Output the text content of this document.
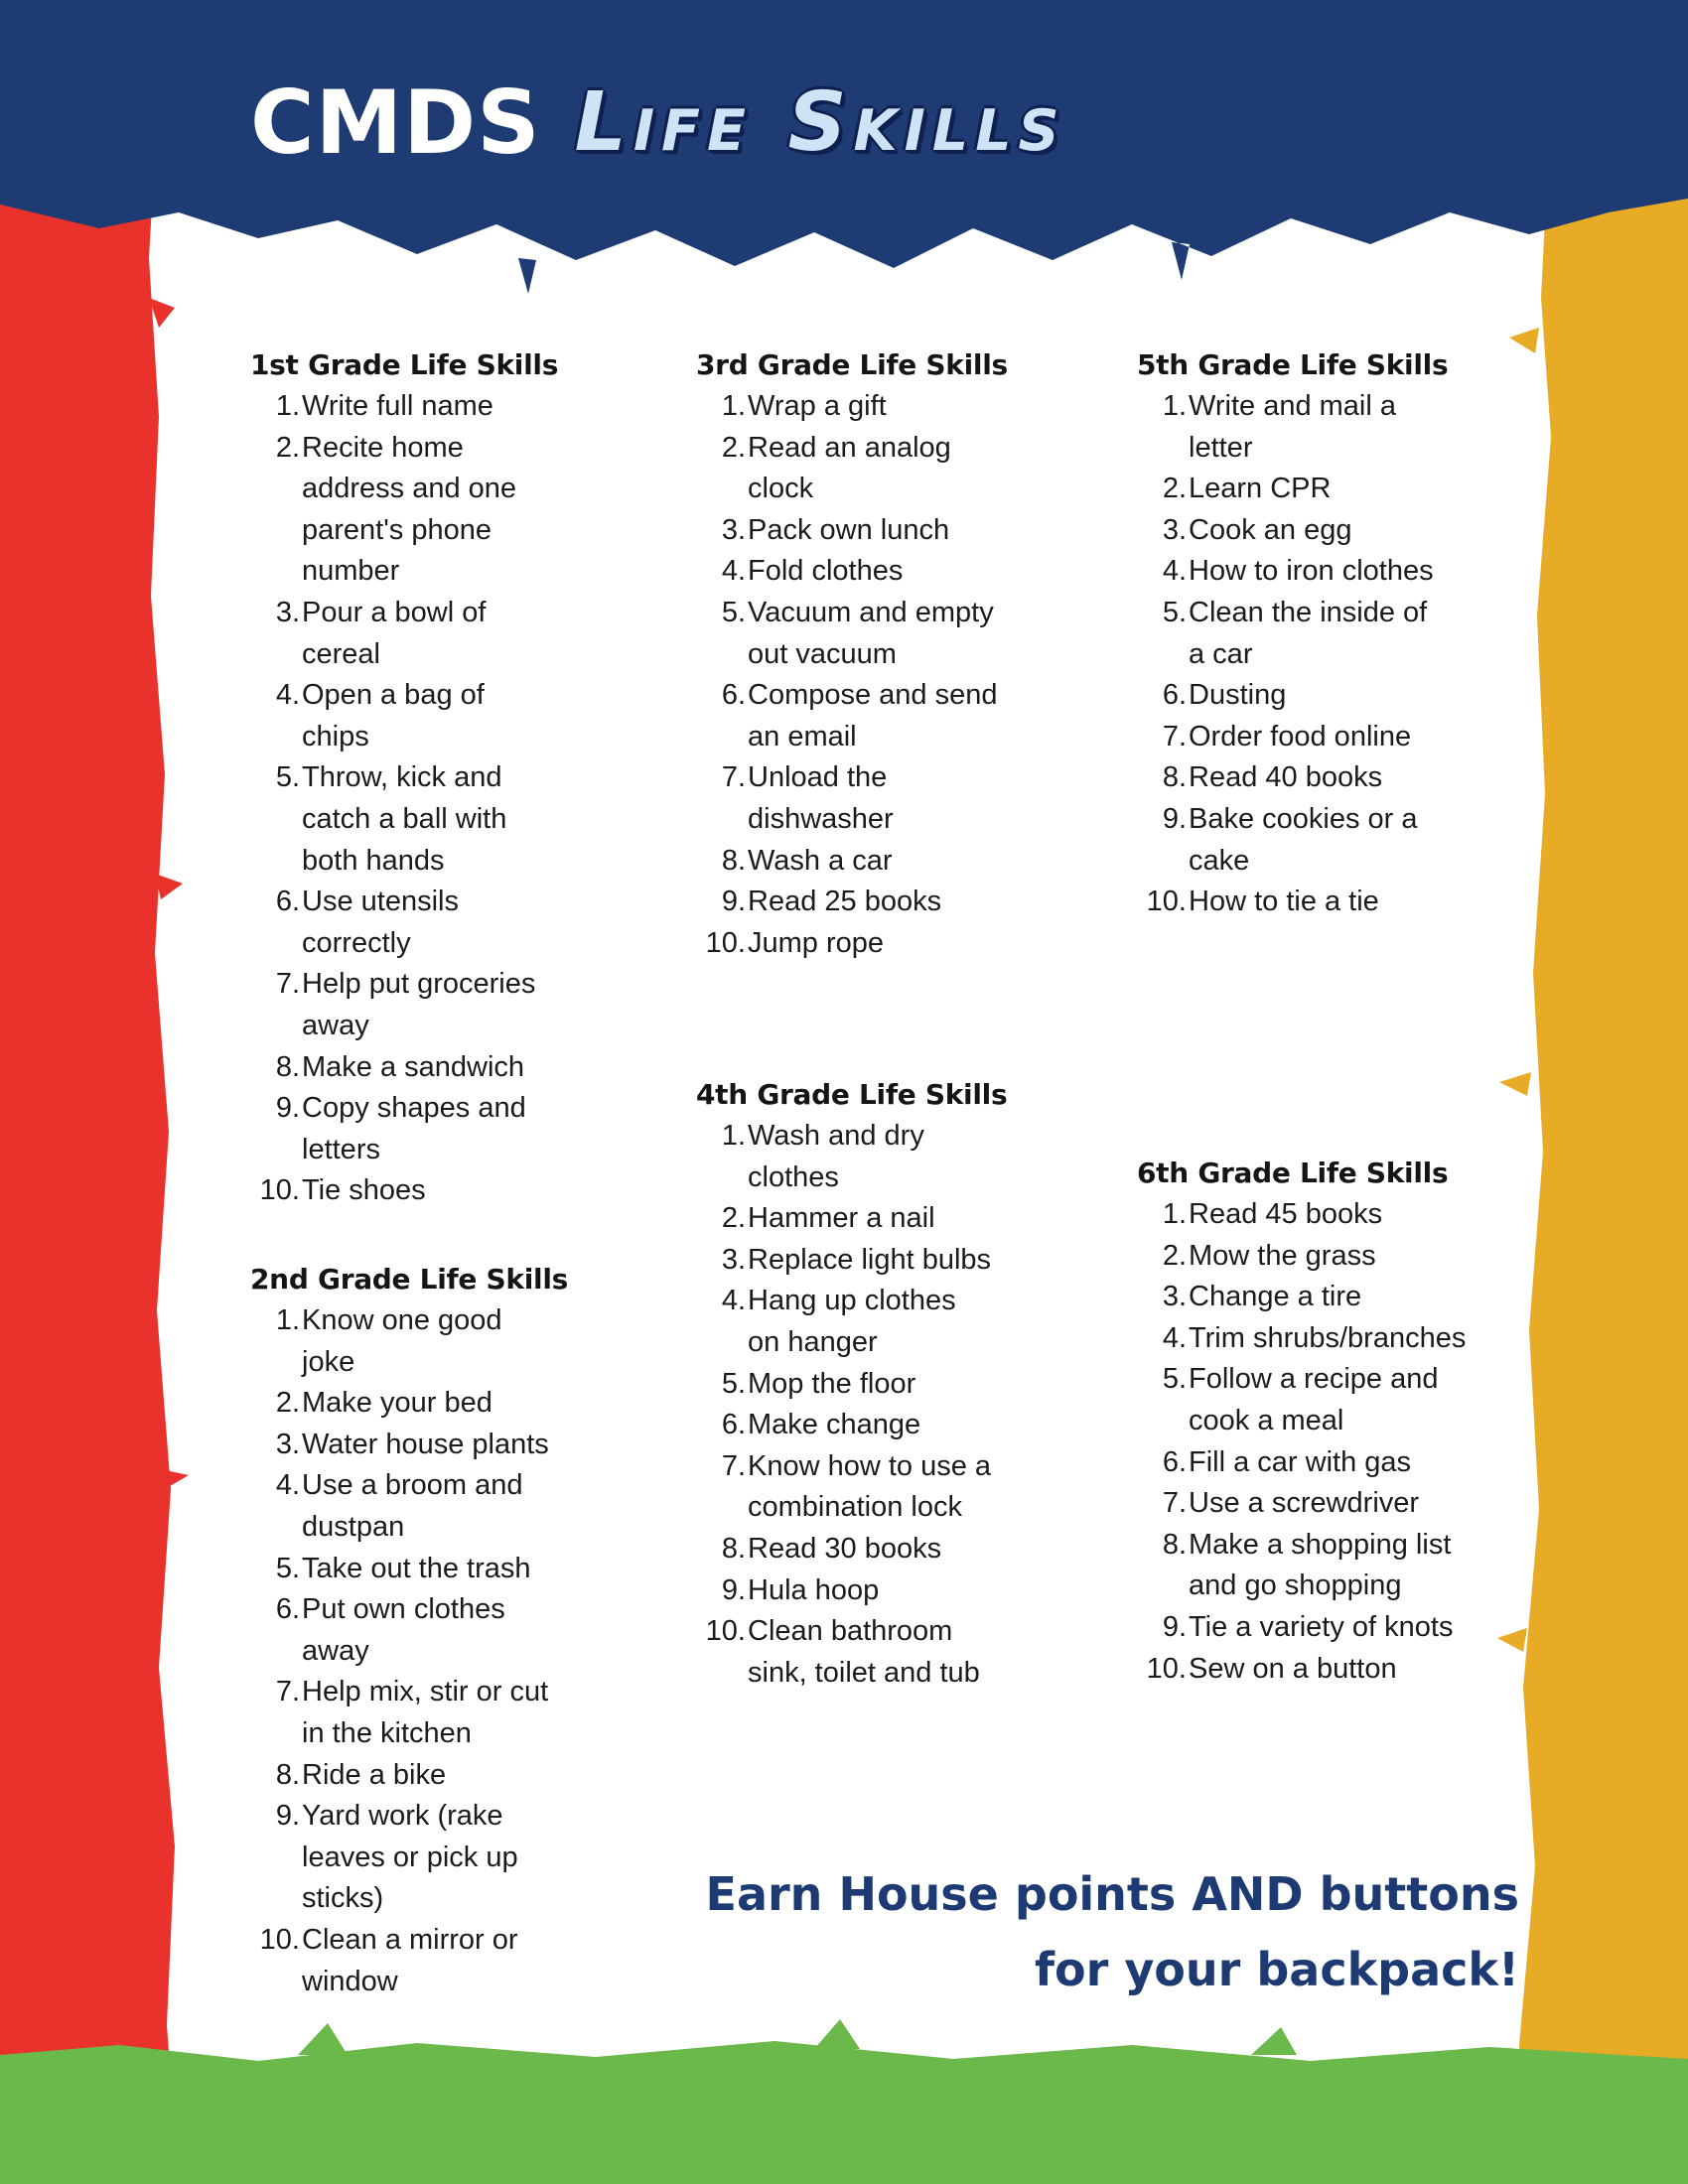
CMDS Life Skills
1st Grade Life Skills
1. Write full name
2. Recite home address and one parent's phone number
3. Pour a bowl of cereal
4. Open a bag of chips
5. Throw, kick and catch a ball with both hands
6. Use utensils correctly
7. Help put groceries away
8. Make a sandwich
9. Copy shapes and letters
10. Tie shoes
2nd Grade Life Skills
1. Know one good joke
2. Make your bed
3. Water house plants
4. Use a broom and dustpan
5. Take out the trash
6. Put own clothes away
7. Help mix, stir or cut in the kitchen
8. Ride a bike
9. Yard work (rake leaves or pick up sticks)
10. Clean a mirror or window
3rd Grade Life Skills
1. Wrap a gift
2. Read an analog clock
3. Pack own lunch
4. Fold clothes
5. Vacuum and empty out vacuum
6. Compose and send an email
7. Unload the dishwasher
8. Wash a car
9. Read 25 books
10. Jump rope
4th Grade Life Skills
1. Wash and dry clothes
2. Hammer a nail
3. Replace light bulbs
4. Hang up clothes on hanger
5. Mop the floor
6. Make change
7. Know how to use a combination lock
8. Read 30 books
9. Hula hoop
10. Clean bathroom sink, toilet and tub
5th Grade Life Skills
1. Write and mail a letter
2. Learn CPR
3. Cook an egg
4. How to iron clothes
5. Clean the inside of a car
6. Dusting
7. Order food online
8. Read 40 books
9. Bake cookies or a cake
10. How to tie a tie
6th Grade Life Skills
1. Read 45 books
2. Mow the grass
3. Change a tire
4. Trim shrubs/branches
5. Follow a recipe and cook a meal
6. Fill a car with gas
7. Use a screwdriver
8. Make a shopping list and go shopping
9. Tie a variety of knots
10. Sew on a button
Earn House points AND buttons
for your backpack!
